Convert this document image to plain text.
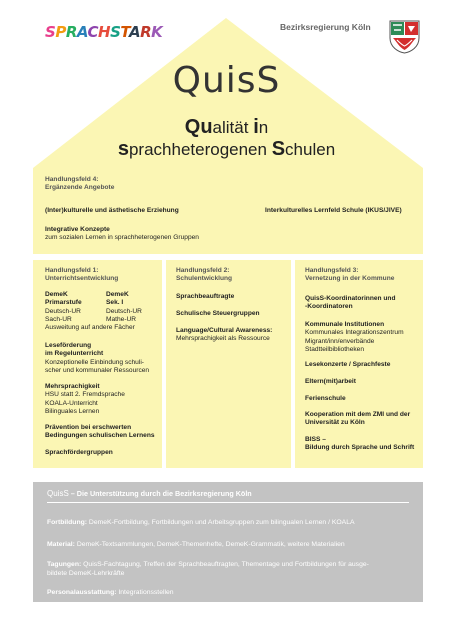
SPRACHSTARK	Bezirksregierung Köln
QuisS
Qualität in
sprachheterogenen Schulen
Handlungsfeld 4:
Ergänzende Angebote
(Inter)kulturelle und ästhetische Erziehung	Interkulturelles Lernfeld Schule (IKUS/JIVE)
Integrative Konzepte
zum sozialen Lernen in sprachheterogenen Gruppen
Handlungsfeld 1:
Unterrichtsentwicklung
DemeK
Primarstufe
Deutsch-UR
Sach-UR
DemeK
Sek. I
Deutsch-UR
Mathe-UR
Ausweitung auf andere Fächer
Leseförderung
im Regelunterricht
Konzeptionelle Einbindung schuli-
scher und kommunaler Ressourcen
Mehrsprachigkeit
HSU statt 2. Fremdsprache
KOALA-Unterricht
Bilinguales Lernen
Prävention bei erschwerten
Bedingungen schulischen Lernens
Sprachfördergruppen
Handlungsfeld 2:
Schulentwicklung
Sprachbeauftragte
Schulische Steuergruppen
Language/Cultural Awareness:
Mehrsprachigkeit als Ressource
Handlungsfeld 3:
Vernetzung in der Kommune
QuisS-Koordinatorinnen und
-Koordinatoren
Kommunale Institutionen
Kommunales Integrationszentrum
Migrant/inn/enverbände
Stadtteilbibliotheken
Lesekonzerte / Sprachfeste
Eltern(mit)arbeit
Ferienschule
Kooperation mit dem ZMI und der
Universität zu Köln
BISS –
Bildung durch Sprache und Schrift
QuisS – Die Unterstützung durch die Bezirksregierung Köln
Fortbildung: DemeK-Fortbildung, Fortbildungen und Arbeitsgruppen zum bilingualen Lernen / KOALA
Material: DemeK-Textsammlungen, DemeK-Themenhefte, DemeK-Grammatik, weitere Materialien
Tagungen: QuisS-Fachtagung, Treffen der Sprachbeauftragten, Thementage und Fortbildungen für ausge-
bildete DemeK-Lehrkräfte
Personalausstattung: Integrationsstellen
